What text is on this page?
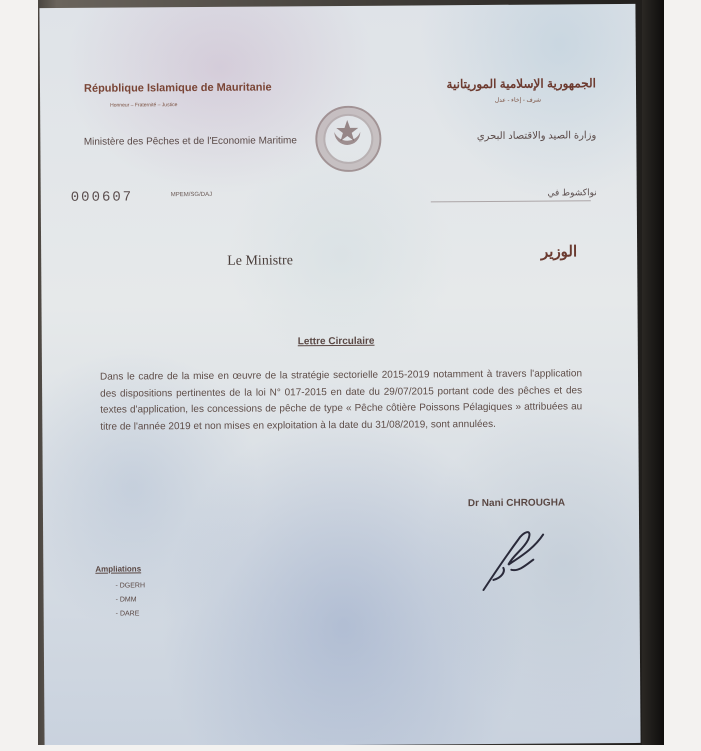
République Islamique de Mauritanie
Honneur – Fraternité – Justice
Ministère des Pêches et de l'Economie Maritime
الجمهورية الإسلامية الموريتانية
شرف - إخاء - عدل
وزارة الصيد والاقتصاد البحري
000607	MPEM/SG/DAJ	نواكشوط في
Le Ministre
الوزير
Lettre Circulaire
Dans le cadre de la mise en œuvre de la stratégie sectorielle 2015-2019 notamment à travers l'application des dispositions pertinentes de la loi N° 017-2015 en date du 29/07/2015 portant code des pêches et des textes d'application, les concessions de pêche de type « Pêche côtière Poissons Pélagiques » attribuées au titre de l'année 2019 et non mises en exploitation à la date du 31/08/2019, sont annulées.
Dr Nani CHROUGHA
Ampliations
- DGERH
- DMM
- DARE
